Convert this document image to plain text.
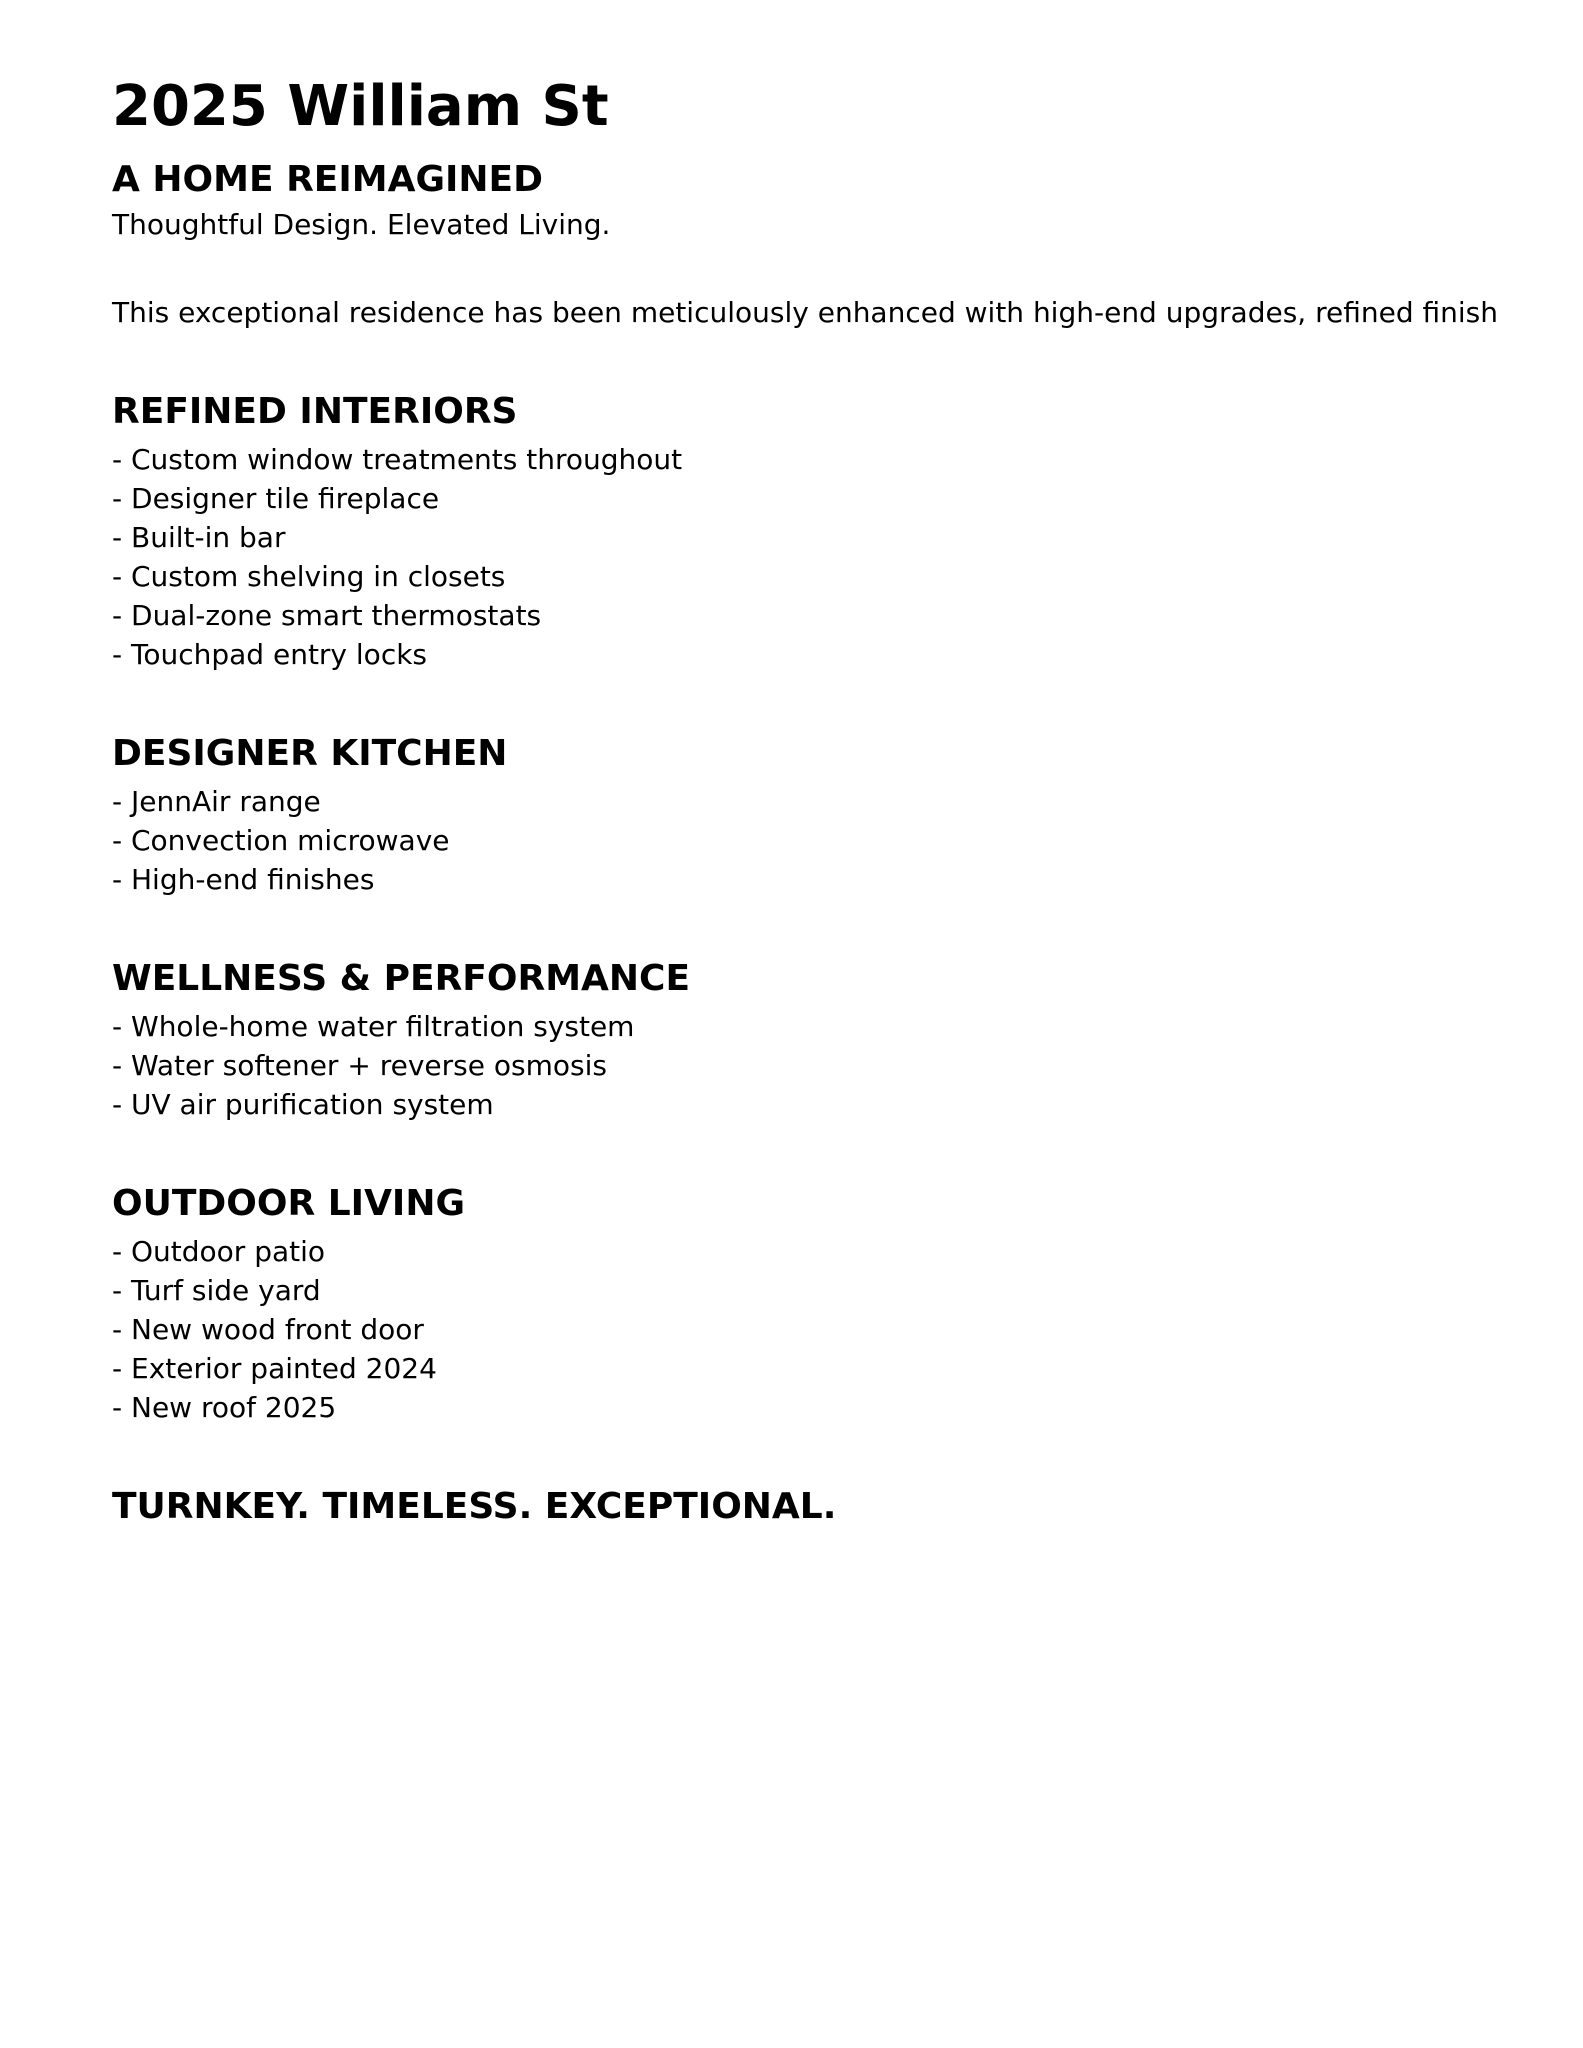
2025 William St
A HOME REIMAGINED

Thoughtful Design. Elevated Living.

This exceptional residence has been meticulously enhanced with high-end upgrades, refined finish

REFINED INTERIORS

- Custom window treatments throughout

- Designer tile fireplace

- Built-in bar

- Custom shelving in closets

- Dual-zone smart thermostats

- Touchpad entry locks

DESIGNER KITCHEN

- JennAir range

- Convection microwave

- High-end finishes

WELLNESS & PERFORMANCE

- Whole-home water filtration system

- Water softener + reverse osmosis

- UV air purification system

OUTDOOR LIVING

- Outdoor patio

- Turf side yard

- New wood front door

- Exterior painted 2024

- New roof 2025

TURNKEY. TIMELESS. EXCEPTIONAL.
